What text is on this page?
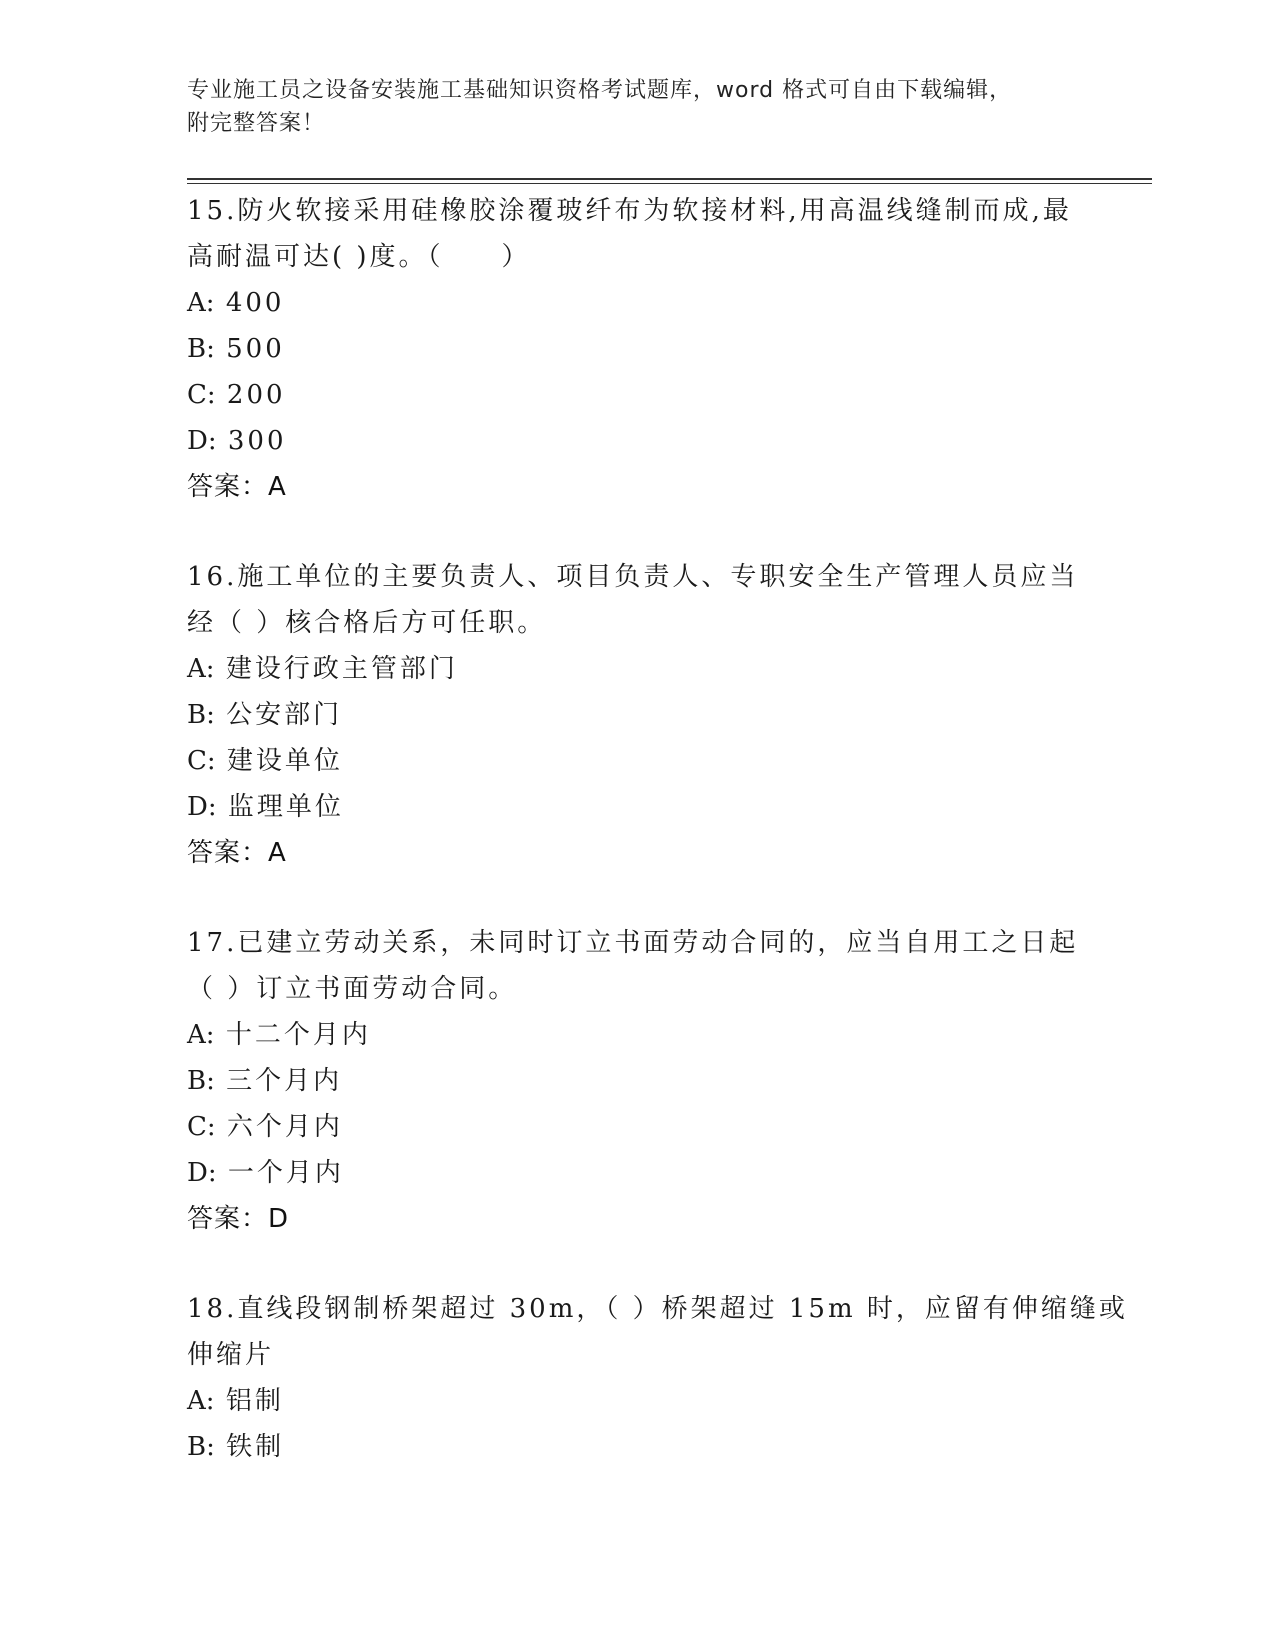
专业施工员之设备安装施工基础知识资格考试题库，word 格式可自由下载编辑，
附完整答案！
15.防火软接采用硅橡胶涂覆玻纤布为软接材料,用高温线缝制而成,最
高耐温可达( )度。（　　）
A: 400
B: 500
C: 200
D: 300
答案：A
16.施工单位的主要负责人、项目负责人、专职安全生产管理人员应当
经（ ）核合格后方可任职。
A: 建设行政主管部门
B: 公安部门
C: 建设单位
D: 监理单位
答案：A
17.已建立劳动关系，未同时订立书面劳动合同的，应当自用工之日起
（ ）订立书面劳动合同。
A: 十二个月内
B: 三个月内
C: 六个月内
D: 一个月内
答案：D
18.直线段钢制桥架超过 30m，（ ）桥架超过 15m 时，应留有伸缩缝或
伸缩片
A: 铝制
B: 铁制
